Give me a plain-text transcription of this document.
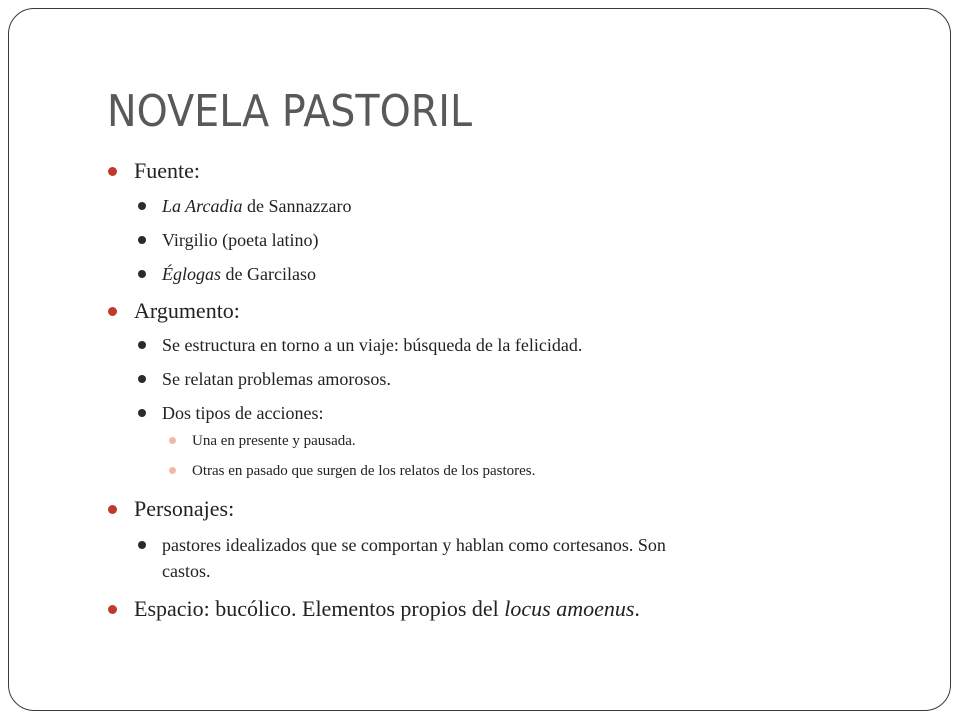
NOVELA PASTORIL
Fuente:
La Arcadia de Sannazzaro
Virgilio (poeta latino)
Églogas de Garcilaso
Argumento:
Se estructura en torno a un viaje: búsqueda de la felicidad.
Se relatan problemas amorosos.
Dos tipos de acciones:
Una en presente y pausada.
Otras en pasado que surgen de los relatos de los pastores.
Personajes:
pastores idealizados que se comportan y hablan como cortesanos. Son
castos.
Espacio: bucólico. Elementos propios del locus amoenus.
